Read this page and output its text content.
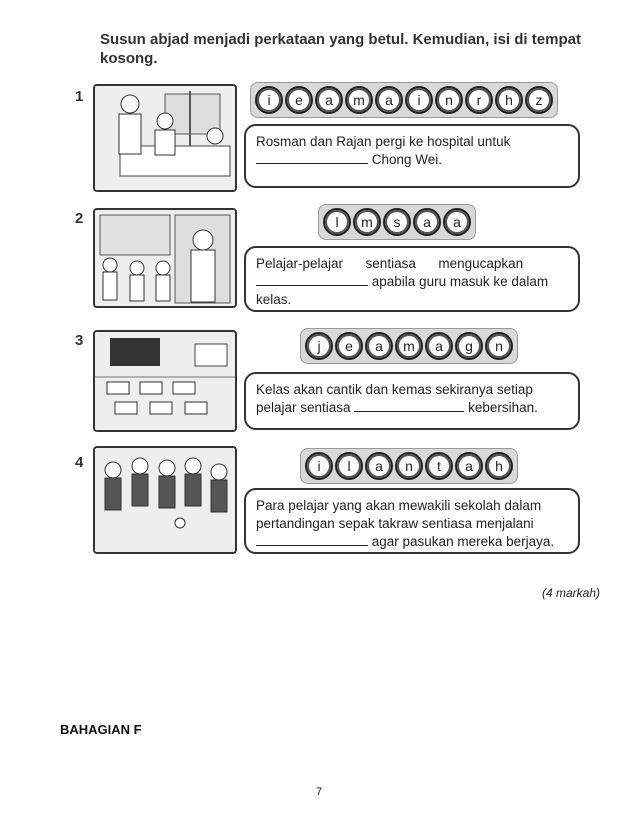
Susun abjad menjadi perkataan yang betul. Kemudian, isi di tempat kosong.
1	i	e	a	m	a	i	n	r	h	z

Rosman dan Rajan pergi ke hospital untuk

Chong Wei.

2	l	m	s	a	a

Pelajar-pelajar      sentiasa      mengucapkan

apabila guru masuk ke dalam

kelas.

3	j	e	a	m	a	g	n

Kelas akan cantik dan kemas sekiranya setiap

pelajar sentiasa	kebersihan.

4	i	l	a	n	t	a	h

Para pelajar yang akan mewakili sekolah dalam

pertandingan sepak takraw sentiasa menjalani

agar pasukan mereka berjaya.

(4 markah)
BAHAGIAN F
7
